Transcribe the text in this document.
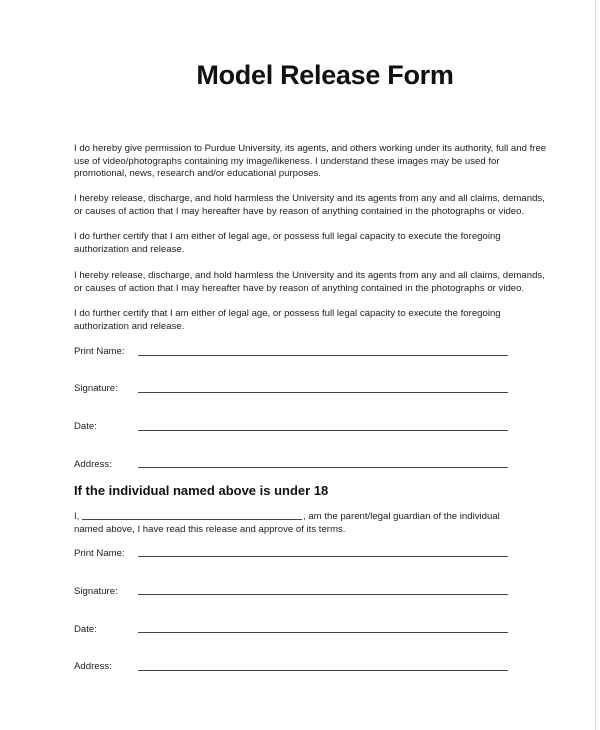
Model Release Form
I do hereby give permission to Purdue University, its agents, and others working under its authority, full and free
use of video/photographs containing my image/likeness. I understand these images may be used for
promotional, news, research and/or educational purposes.
I hereby release, discharge, and hold harmless the University and its agents from any and all claims, demands,
or causes of action that I may hereafter have by reason of anything contained in the photographs or video.
I do further certify that I am either of legal age, or possess full legal capacity to execute the foregoing
authorization and release.
I hereby release, discharge, and hold harmless the University and its agents from any and all claims, demands,
or causes of action that I may hereafter have by reason of anything contained in the photographs or video.
I do further certify that I am either of legal age, or possess full legal capacity to execute the foregoing
authorization and release.
Print Name:
Signature:
Date:
Address:
If the individual named above is under 18
I,	, am the parent/legal guardian of the individual
named above, I have read this release and approve of its terms.
Print Name:
Signature:
Date:
Address:
